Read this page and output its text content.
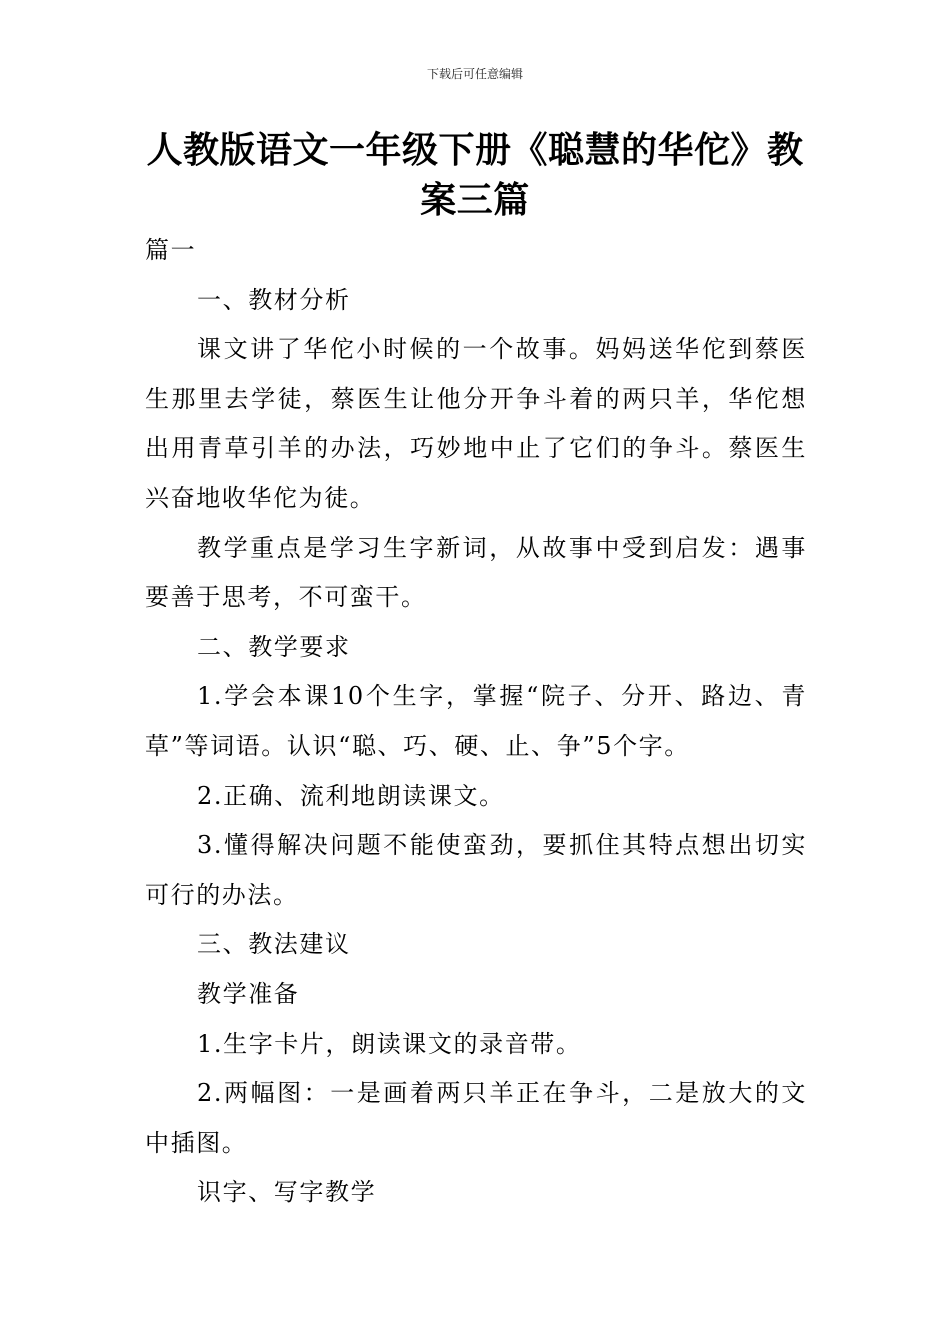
下载后可任意编辑
人教版语文一年级下册《聪慧的华佗》教案三篇

篇一

一、教材分析

课文讲了华佗小时候的一个故事。妈妈送华佗到蔡医生那里去学徒，蔡医生让他分开争斗着的两只羊，华佗想出用青草引羊的办法，巧妙地中止了它们的争斗。蔡医生兴奋地收华佗为徒。

教学重点是学习生字新词，从故事中受到启发：遇事要善于思考，不可蛮干。

二、教学要求

1.学会本课10个生字，掌握“院子、分开、路边、青草”等词语。认识“聪、巧、硬、止、争”5个字。

2.正确、流利地朗读课文。

3.懂得解决问题不能使蛮劲，要抓住其特点想出切实可行的办法。

三、教法建议

教学准备

1.生字卡片，朗读课文的录音带。

2.两幅图：一是画着两只羊正在争斗，二是放大的文中插图。

识字、写字教学
